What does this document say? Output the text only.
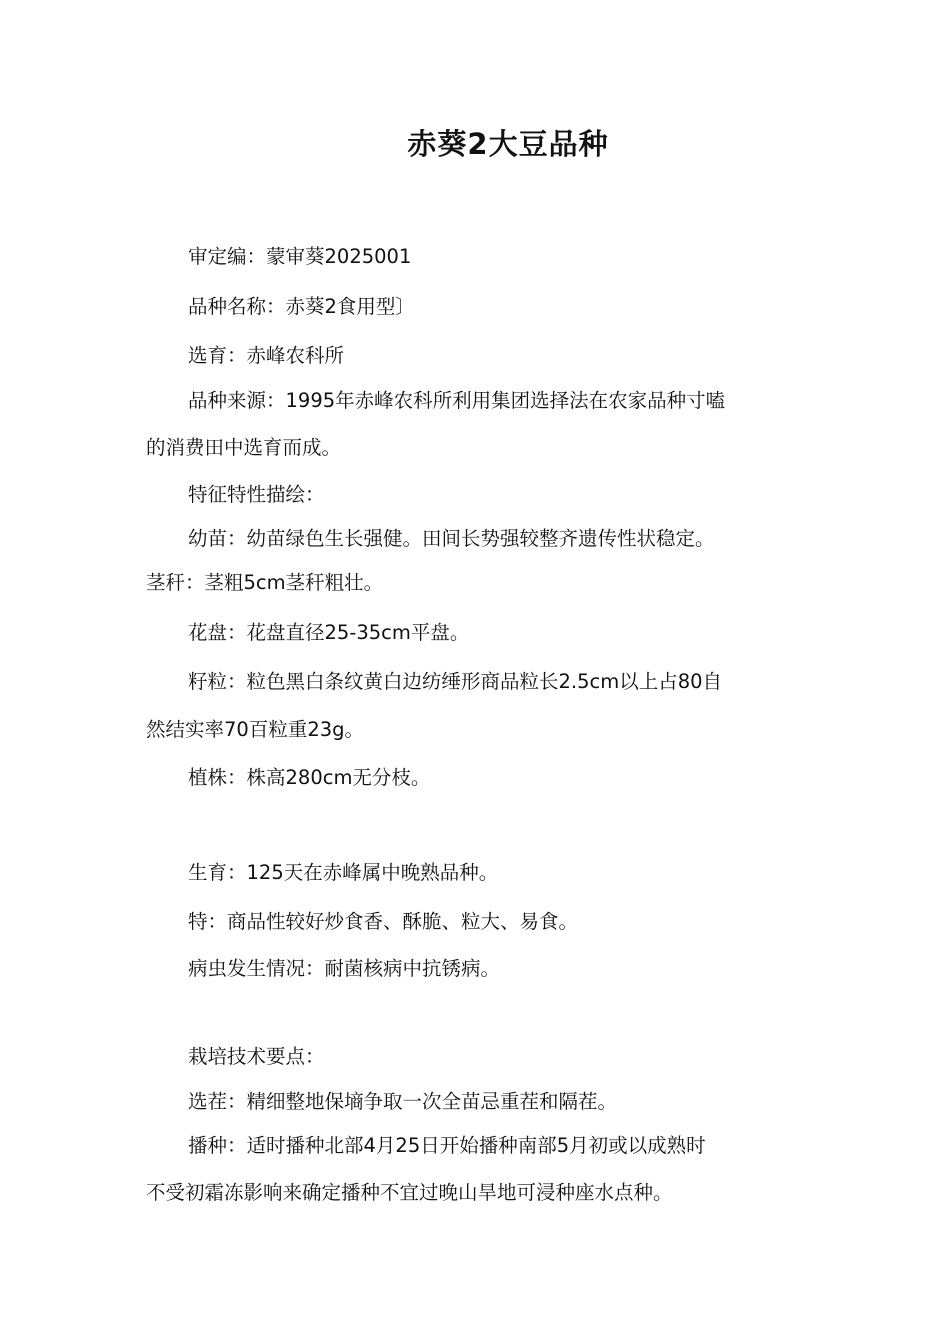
赤葵2大豆品种
审定编：蒙审葵2025001
品种名称：赤葵2食用型〕
选育：赤峰农科所
品种来源：1995年赤峰农科所利用集团选择法在农家品种寸嗑
的消费田中选育而成。
特征特性描绘：
幼苗：幼苗绿色生长强健。田间长势强较整齐遗传性状稳定。
茎秆：茎粗5cm茎秆粗壮。
花盘：花盘直径25-35cm平盘。
籽粒：粒色黑白条纹黄白边纺缍形商品粒长2.5cm以上占80自
然结实率70百粒重23g。
植株：株高280cm无分枝。
生育：125天在赤峰属中晚熟品种。
特：商品性较好炒食香、酥脆、粒大、易食。
病虫发生情况：耐菌核病中抗锈病。
栽培技术要点：
选茬：精细整地保墒争取一次全苗忌重茬和隔茬。
播种：适时播种北部4月25日开始播种南部5月初或以成熟时
不受初霜冻影响来确定播种不宜过晚山旱地可浸种座水点种。
